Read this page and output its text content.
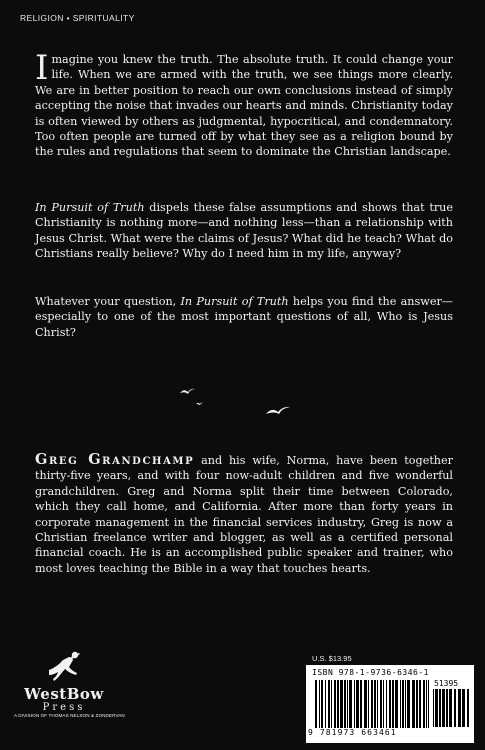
RELIGION • SPIRITUALITY

Imagine you knew the truth. The absolute truth. It could change your life. When we are armed with the truth, we see things more clearly. We are in better position to reach our own conclusions instead of simply accepting the noise that invades our hearts and minds. Christianity today is often viewed by others as judgmental, hypocritical, and condemnatory. Too often people are turned off by what they see as a religion bound by the rules and regulations that seem to dominate the Christian landscape.

In Pursuit of Truth dispels these false assumptions and shows that true Christianity is nothing more—and nothing less—than a relationship with Jesus Christ. What were the claims of Jesus? What did he teach? What do Christians really believe? Why do I need him in my life, anyway?

Whatever your question, In Pursuit of Truth helps you find the answer—especially to one of the most important questions of all, Who is Jesus Christ?

Greg Grandchamp and his wife, Norma, have been together thirty-five years, and with four now-adult children and five wonderful grandchildren. Greg and Norma split their time between Colorado, which they call home, and California. After more than forty years in corporate management in the financial services industry, Greg is now a Christian freelance writer and blogger, as well as a certified personal financial coach. He is an accomplished public speaker and trainer, who most loves teaching the Bible in a way that touches hearts.

WestBow
Press
A DIVISION OF THOMAS NELSON & ZONDERVAN
U.S. $13.95
ISBN 978-1-9736-6346-1
51395
9 781973 663461
